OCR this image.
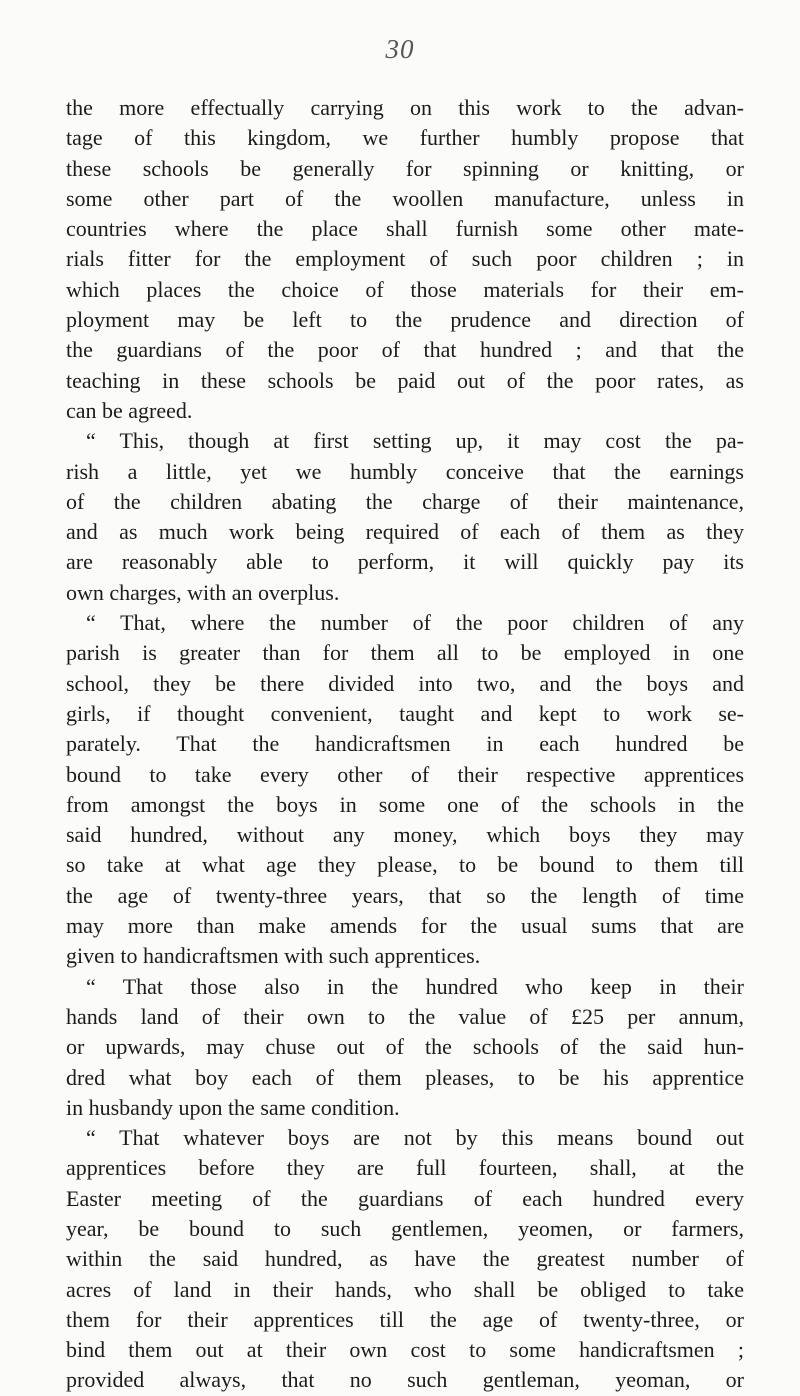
30
the more effectually carrying on this work to the advan-
tage of this kingdom, we further humbly propose that
these schools be generally for spinning or knitting, or
some other part of the woollen manufacture, unless in
countries where the place shall furnish some other mate-
rials fitter for the employment of such poor children ; in
which places the choice of those materials for their em-
ployment may be left to the prudence and direction of
the guardians of the poor of that hundred ; and that the
teaching in these schools be paid out of the poor rates, as
can be agreed.
“ This, though at first setting up, it may cost the pa-
rish a little, yet we humbly conceive that the earnings
of the children abating the charge of their maintenance,
and as much work being required of each of them as they
are reasonably able to perform, it will quickly pay its
own charges, with an overplus.
“ That, where the number of the poor children of any
parish is greater than for them all to be employed in one
school, they be there divided into two, and the boys and
girls, if thought convenient, taught and kept to work se-
parately. That the handicraftsmen in each hundred be
bound to take every other of their respective apprentices
from amongst the boys in some one of the schools in the
said hundred, without any money, which boys they may
so take at what age they please, to be bound to them till
the age of twenty-three years, that so the length of time
may more than make amends for the usual sums that are
given to handicraftsmen with such apprentices.
“ That those also in the hundred who keep in their
hands land of their own to the value of £25 per annum,
or upwards, may chuse out of the schools of the said hun-
dred what boy each of them pleases, to be his apprentice
in husbandy upon the same condition.
“ That whatever boys are not by this means bound out
apprentices before they are full fourteen, shall, at the
Easter meeting of the guardians of each hundred every
year, be bound to such gentlemen, yeomen, or farmers,
within the said hundred, as have the greatest number of
acres of land in their hands, who shall be obliged to take
them for their apprentices till the age of twenty-three, or
bind them out at their own cost to some handicraftsmen ;
provided always, that no such gentleman, yeoman, or
